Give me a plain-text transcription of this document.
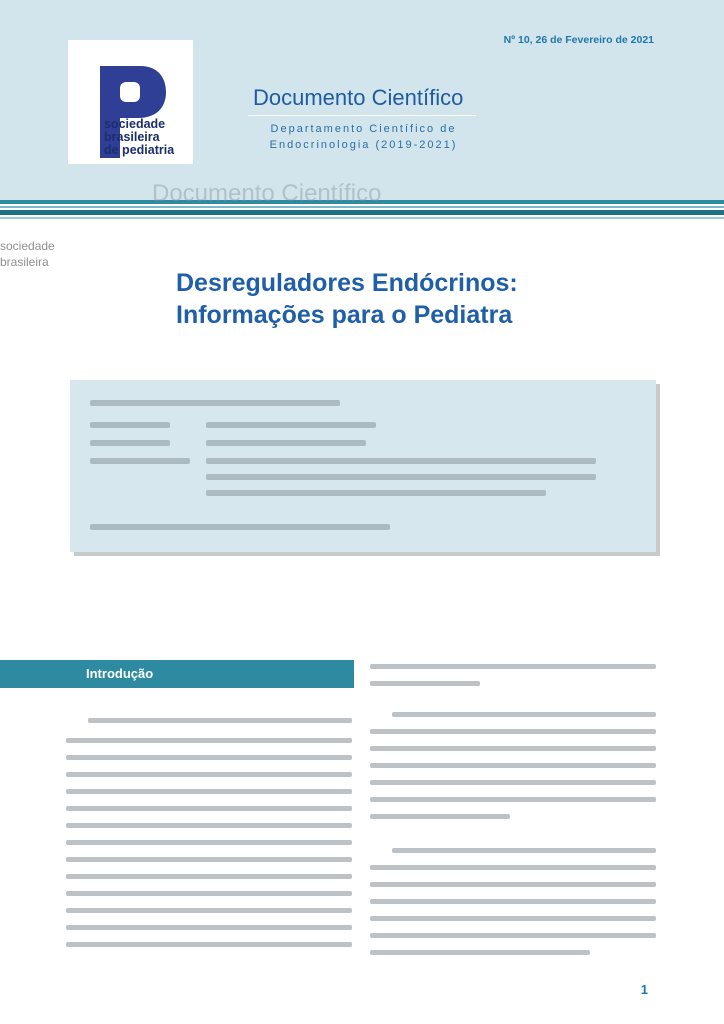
Nº 10, 26 de Fevereiro de 2021
sociedade
brasileira
de pediatria
Documento Científico
Departamento Científico de
Endocrinologia (2019-2021)
Documento Científico
sociedade
brasileira
Desreguladores Endócrinos:
Informações para o Pediatra
Introdução
1
